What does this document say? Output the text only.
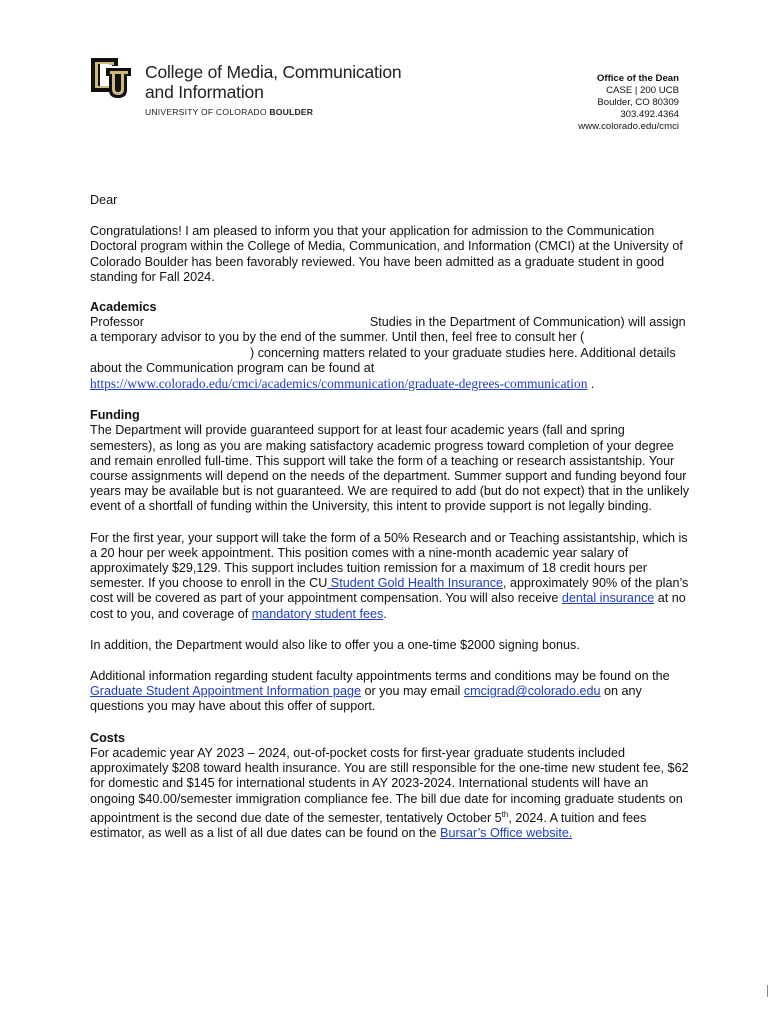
College of Media, Communication
and Information
UNIVERSITY OF COLORADO BOULDER
Office of the Dean
CASE | 200 UCB
Boulder, CO 80309
303.492.4364
www.colorado.edu/cmci

Dear

Congratulations! I am pleased to inform you that your application for admission to the Communication Doctoral program within the College of Media, Communication, and Information (CMCI) at the University of Colorado Boulder has been favorably reviewed. You have been admitted as a graduate student in good standing for Fall 2024.

Academics

Professor	Studies in the Department of Communication) will assign a temporary advisor to you by the end of the summer. Until then, feel free to consult her () concerning matters related to your graduate studies here. Additional details about the Communication program can be found at
https://www.colorado.edu/cmci/academics/communication/graduate-degrees-communication .

Funding

The Department will provide guaranteed support for at least four academic years (fall and spring semesters), as long as you are making satisfactory academic progress toward completion of your degree and remain enrolled full-time. This support will take the form of a teaching or research assistantship. Your course assignments will depend on the needs of the department. Summer support and funding beyond four years may be available but is not guaranteed. We are required to add (but do not expect) that in the unlikely event of a shortfall of funding within the University, this intent to provide support is not legally binding.

For the first year, your support will take the form of a 50% Research and or Teaching assistantship, which is a 20 hour per week appointment. This position comes with a nine-month academic year salary of approximately $29,129. This support includes tuition remission for a maximum of 18 credit hours per semester. If you choose to enroll in the CU Student Gold Health Insurance, approximately 90% of the plan’s cost will be covered as part of your appointment compensation. You will also receive dental insurance at no cost to you, and coverage of mandatory student fees.

In addition, the Department would also like to offer you a one-time $2000 signing bonus.

Additional information regarding student faculty appointments terms and conditions may be found on the Graduate Student Appointment Information page or you may email cmcigrad@colorado.edu on any questions you may have about this offer of support.

Costs

For academic year AY 2023 – 2024, out-of-pocket costs for first-year graduate students included approximately $208 toward health insurance. You are still responsible for the one-time new student fee, $62 for domestic and $145 for international students in AY 2023-2024. International students will have an ongoing $40.00/semester immigration compliance fee. The bill due date for incoming graduate students on appointment is the second due date of the semester, tentatively October 5th, 2024. A tuition and fees estimator, as well as a list of all due dates can be found on the Bursar’s Office website.
